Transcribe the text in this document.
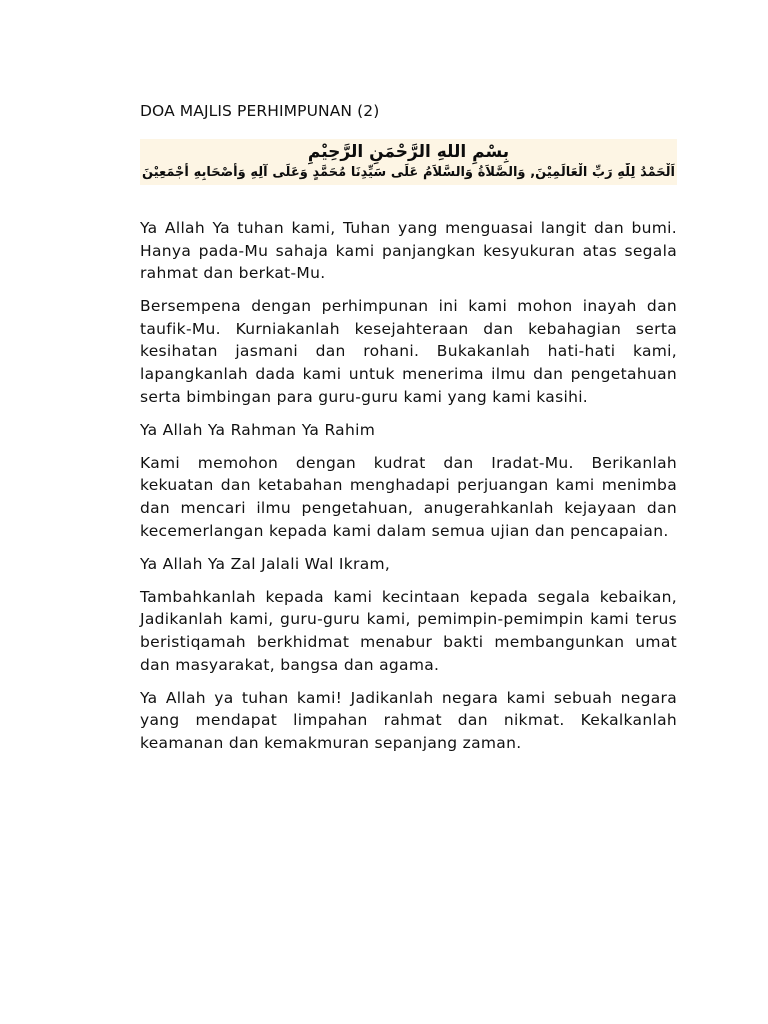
DOA MAJLIS PERHIMPUNAN (2)
بِسْمِ اللهِ الرَّحْمَنِ الرَّحِيْمِ
اَلْحَمْدُ لِلّٰهِ رَبِّ الْعَالَمِيْنَ, وَالصَّلاَةُ وَالسَّلاَمُ عَلَى سَيِّدِنَا مُحَمَّدٍ وَعَلَى آلِهِ وَأَصْحَابِهِ أَجْمَعِيْنَ

Ya Allah Ya tuhan kami, Tuhan yang menguasai langit dan bumi. Hanya pada-Mu sahaja kami panjangkan kesyukuran atas segala rahmat dan berkat-Mu.

Bersempena dengan perhimpunan ini kami mohon inayah dan taufik-Mu. Kurniakanlah kesejahteraan dan kebahagian serta kesihatan jasmani dan rohani. Bukakanlah hati-hati kami, lapangkanlah dada kami untuk menerima ilmu dan pengetahuan serta bimbingan para guru-guru kami yang kami kasihi.

Ya Allah Ya Rahman Ya Rahim

Kami memohon dengan kudrat dan Iradat-Mu. Berikanlah kekuatan dan ketabahan menghadapi perjuangan kami menimba dan mencari ilmu pengetahuan, anugerahkanlah kejayaan dan kecemerlangan kepada kami dalam semua ujian dan pencapaian.

Ya Allah Ya Zal Jalali Wal Ikram,

Tambahkanlah kepada kami kecintaan kepada segala kebaikan, Jadikanlah kami, guru-guru kami, pemimpin-pemimpin kami terus beristiqamah berkhidmat menabur bakti membangunkan umat dan masyarakat, bangsa dan agama.

Ya Allah ya tuhan kami! Jadikanlah negara kami sebuah negara yang mendapat limpahan rahmat dan nikmat. Kekalkanlah keamanan dan kemakmuran sepanjang zaman.
